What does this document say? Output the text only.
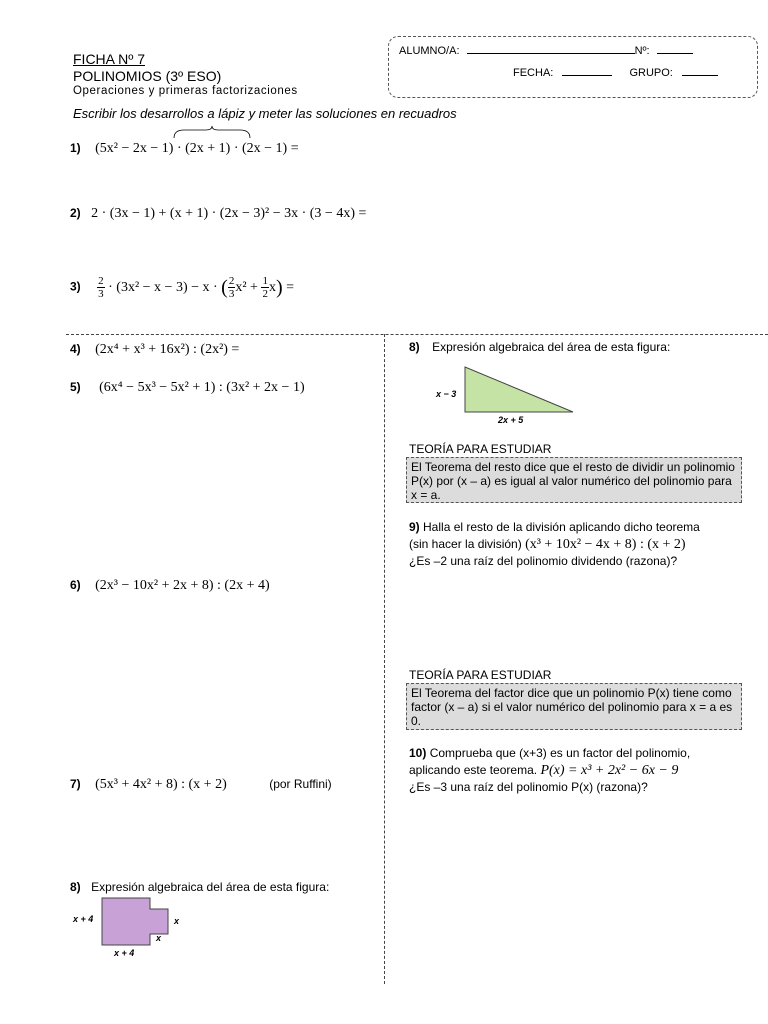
FICHA Nº 7
POLINOMIOS (3º ESO)
Operaciones y primeras factorizaciones
Escribir los desarrollos a lápiz y meter las soluciones en recuadros
ALUMNO/A:	Nº:
FECHA:	GRUPO:
1) (5x² − 2x − 1) · (2x + 1) · (2x − 1) =
2) 2 · (3x − 1) + (x + 1) · (2x − 3)² − 3x · (3 − 4x) =
$3) \frac{2}{3} \cdot (3x^2 - x - 3) - x$ · ( $\frac{2}{3} x^2 + \frac{1}{2} x$) =
4) (2x⁴ + x³ + 16x²) : (2x²) =
5) (6x⁴ − 5x³ − 5x² + 1) : (3x² + 2x − 1)
6) (2x³ − 10x² + 2x + 8) : (2x + 4)
7) (5x³ + 4x² + 8) : (x + 2)	(por Ruffini)
8) Expresión algebraica del área de esta figura:
x + 4	x
x
x + 4
8) Expresión algebraica del área de esta figura:
x − 3
2x + 5
TEORÍA PARA ESTUDIAR
El Teorema del resto dice que el resto de dividir un polinomio P(x) por (x – a) es igual al valor numérico del polinomio para x = a.
9) Halla el resto de la división aplicando dicho teorema
(sin hacer la división) (x³ + 10x² − 4x + 8) : (x + 2)
¿Es –2 una raíz del polinomio dividendo (razona)?
TEORÍA PARA ESTUDIAR
El Teorema del factor dice que un polinomio P(x) tiene como factor (x – a) si el valor numérico del polinomio para x = a es 0.
10) Comprueba que (x+3) es un factor del polinomio,
aplicando este teorema. P(x) = x³ + 2x² − 6x − 9
¿Es –3 una raíz del polinomio P(x) (razona)?
